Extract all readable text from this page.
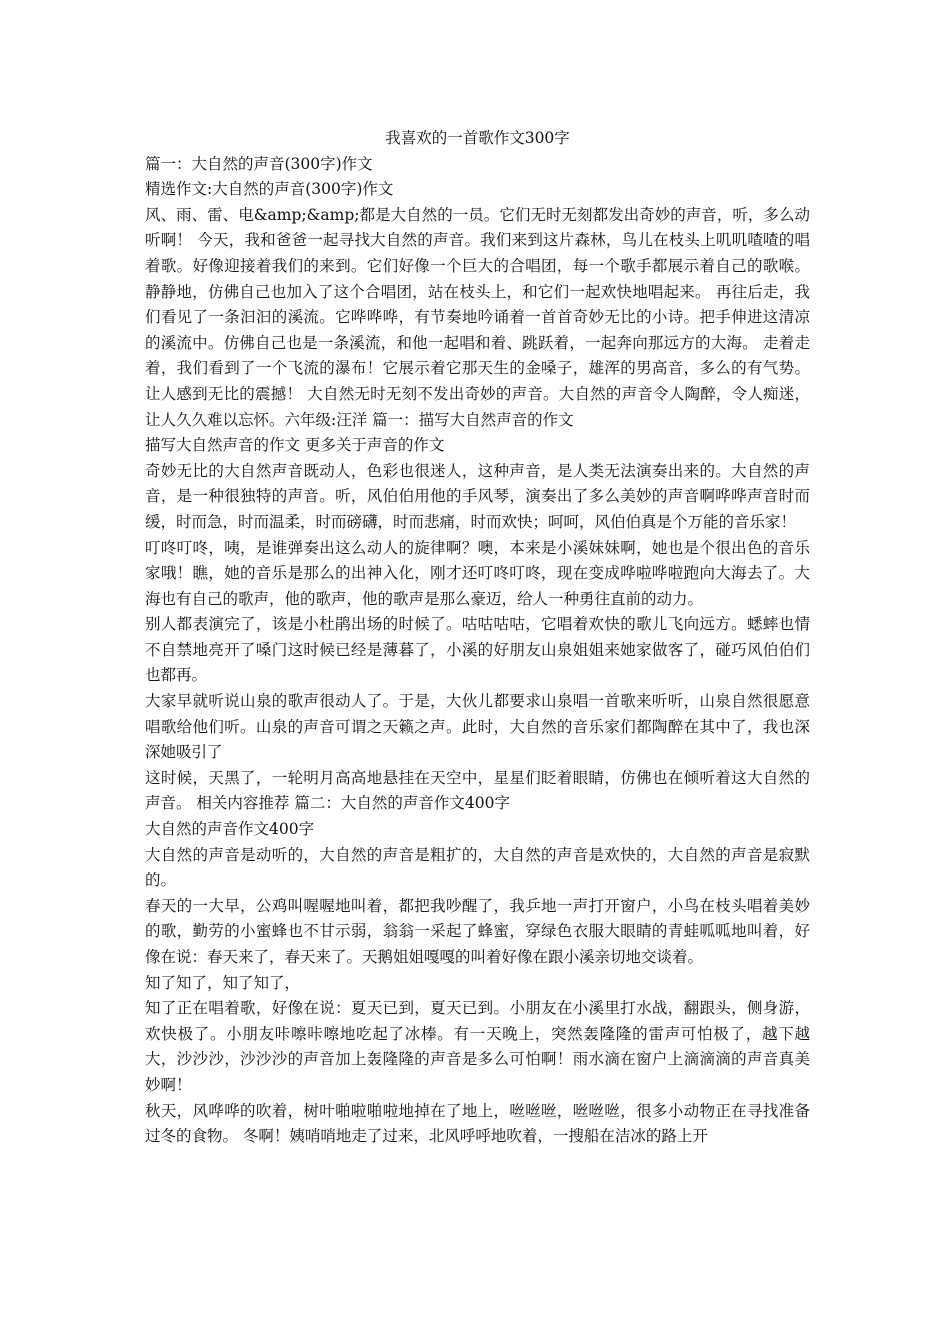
我喜欢的一首歌作文300字

篇一：大自然的声音(300字)作文

精选作文:大自然的声音(300字)作文

风、雨、雷、电&amp;&amp;都是大自然的一员。它们无时无刻都发出奇妙的声音，听，多么动听啊！ 今天，我和爸爸一起寻找大自然的声音。我们来到这片森林，鸟儿在枝头上叽叽喳喳的唱着歌。好像迎接着我们的来到。它们好像一个巨大的合唱团，每一个歌手都展示着自己的歌喉。静静地，仿佛自己也加入了这个合唱团，站在枝头上，和它们一起欢快地唱起来。 再往后走，我们看见了一条汩汩的溪流。它哗哗哗，有节奏地吟诵着一首首奇妙无比的小诗。把手伸进这清凉的溪流中。仿佛自己也是一条溪流，和他一起唱和着、跳跃着，一起奔向那远方的大海。 走着走着，我们看到了一个飞流的瀑布！它展示着它那天生的金嗓子，雄浑的男高音，多么的有气势。让人感到无比的震撼！ 大自然无时无刻不发出奇妙的声音。大自然的声音令人陶醉，令人痴迷，让人久久难以忘怀。六年级:汪洋 篇一：描写大自然声音的作文

描写大自然声音的作文 更多关于声音的作文

奇妙无比的大自然声音既动人，色彩也很迷人，这种声音，是人类无法演奏出来的。大自然的声音，是一种很独特的声音。听，风伯伯用他的手风琴，演奏出了多么美妙的声音啊哗哗声音时而缓，时而急，时而温柔，时而磅礴，时而悲痛，时而欢快；呵呵，风伯伯真是个万能的音乐家！

叮咚叮咚，咦，是谁弹奏出这么动人的旋律啊？噢，本来是小溪妹妹啊，她也是个很出色的音乐家哦！瞧，她的音乐是那么的出神入化，刚才还叮咚叮咚，现在变成哗啦哗啦跑向大海去了。大海也有自己的歌声，他的歌声，他的歌声是那么豪迈，给人一种勇往直前的动力。

别人都表演完了，该是小杜鹃出场的时候了。咕咕咕咕，它唱着欢快的歌儿飞向远方。蟋蟀也情不自禁地亮开了嗓门这时候已经是薄暮了，小溪的好朋友山泉姐姐来她家做客了，碰巧风伯伯们也都再。

大家早就听说山泉的歌声很动人了。于是，大伙儿都要求山泉唱一首歌来听听，山泉自然很愿意唱歌给他们听。山泉的声音可谓之天籁之声。此时，大自然的音乐家们都陶醉在其中了，我也深深她吸引了

这时候，天黑了，一轮明月高高地悬挂在天空中，星星们眨着眼睛，仿佛也在倾听着这大自然的声音。 相关内容推荐 篇二：大自然的声音作文400字

大自然的声音作文400字

大自然的声音是动听的，大自然的声音是粗扩的，大自然的声音是欢快的，大自然的声音是寂默的。

春天的一大早，公鸡叫喔喔地叫着，都把我吵醒了，我乒地一声打开窗户，小鸟在枝头唱着美妙的歌，勤劳的小蜜蜂也不甘示弱，翁翁一采起了蜂蜜，穿绿色衣服大眼睛的青蛙呱呱地叫着，好像在说：春天来了，春天来了。天鹅姐姐嘎嘎的叫着好像在跟小溪亲切地交谈着。

知了知了，知了知了，

知了正在唱着歌，好像在说：夏天已到，夏天已到。小朋友在小溪里打水战，翻跟头，侧身游，欢快极了。小朋友咔嚓咔嚓地吃起了冰棒。有一天晚上，突然轰隆隆的雷声可怕极了，越下越大，沙沙沙，沙沙沙的声音加上轰隆隆的声音是多么可怕啊！雨水滴在窗户上滴滴滴的声音真美妙啊！

秋天，风哗哗的吹着，树叶啪啦啪啦地掉在了地上，咝咝咝，咝咝咝，很多小动物正在寻找准备过冬的食物。 冬啊！姨哨哨地走了过来，北风呼呼地吹着，一搜船在洁冰的路上开
